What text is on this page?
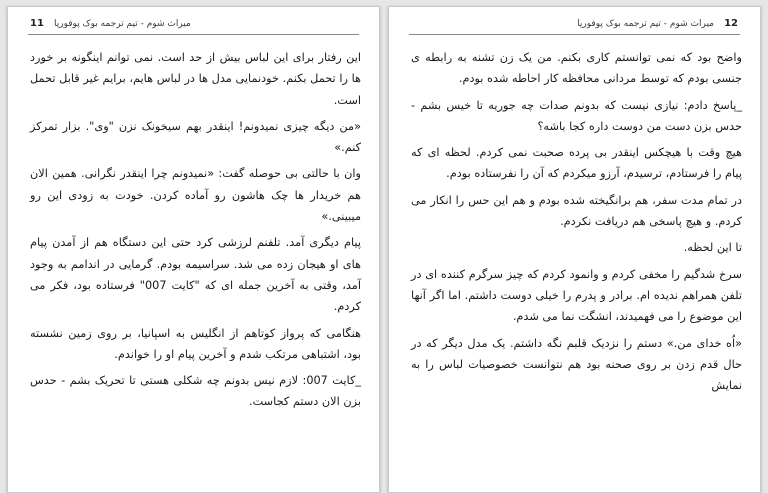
11 میراث شوم - تیم ترجمه بوک پوفورپا

این رفتار برای این لباس بیش از حد است. نمی توانم اینگونه بر خورد ها را تحمل بکنم. خودنمایی مدل ها در لباس هایم، برایم غیر قابل تحمل است.

«من دیگه چیزی نمیدونم! اینقدر بهم سیخونک نزن "وی". بزار تمرکز کنم.»

وان با حالتی بی حوصله گفت: «نمیدونم چرا اینقدر نگرانی. همین الان هم خریدار ها چک هاشون رو آماده کردن. خودت به زودی این رو میبینی.»

پیام دیگری آمد. تلفنم لرزشی کرد حتی این دستگاه هم از آمدن پیام های او هیجان زده می شد. سراسیمه بودم. گرمایی در اندامم به وجود آمد، وقتی به آخرین جمله ای که "کایت 007" فرستاده بود، فکر می کردم.

هنگامی که پرواز کوتاهم از انگلیس به اسپانیا، بر روی زمین نشسته بود، اشتباهی مرتکب شدم و آخرین پیام او را خواندم.

_کایت 007: لازم نیس بدونم چه شکلی هستی تا تحریک بشم - حدس بزن الان دستم کجاست.

12
میراث شوم - تیم ترجمه بوک پوفورپا

واضح بود که نمی توانستم کاری بکنم. من یک زن تشنه به رابطه ی جنسی بودم که توسط مردانی محافظه کار احاطه شده بودم.

_پاسخ دادم: نیازی نیست که بدونم صدات چه جوریه تا خیس بشم - حدس بزن دست من دوست داره کجا باشه؟

هیچ وقت با هیچکس اینقدر بی پرده صحبت نمی کردم. لحظه ای که پیام را فرستادم، ترسیدم، آرزو میکردم که آن را نفرستاده بودم.

در تمام مدت سفر، هم برانگیخته شده بودم و هم این حس را انکار می کردم. و هیچ پاسخی هم دریافت نکردم.

تا این لحظه.

سرخ شدگیم را مخفی کردم و وانمود کردم که چیز سرگرم کننده ای در تلفن همراهم ندیده ام. برادر و پدرم را خیلی دوست داشتم. اما اگر آنها این موضوع را می فهمیدند، انشگت نما می شدم.

«اُه خدای من.» دستم را نزدیک قلبم نگه داشتم. یک مدل دیگر که در حال قدم زدن بر روی صحنه بود هم نتوانست خصوصیات لباس را به نمایش
